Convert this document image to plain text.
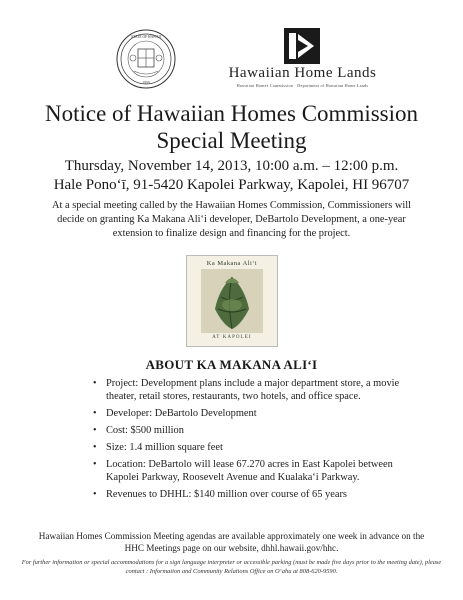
STATE OF HAWAII
1959
Hawaiian Home Lands
Hawaiian Homes Commission · Department of Hawaiian Home Lands
Notice of Hawaiian Homes Commission
Special Meeting
Thursday, November 14, 2013, 10:00 a.m. – 12:00 p.m.
Hale Pono‘ī, 91-5420 Kapolei Parkway, Kapolei, HI 96707
At a special meeting called by the Hawaiian Homes Commission, Commissioners will decide on granting Ka Makana Ali‘i developer, DeBartolo Development, a one-year extension to finalize design and financing for the project.
Ka Makana Ali‘i
AT KAPOLEI
ABOUT KA MAKANA ALI‘I
• Project: Development plans include a major department store, a movie theater, retail stores, restaurants, two hotels, and office space.
• Developer: DeBartolo Development
• Cost: $500 million
• Size: 1.4 million square feet
• Location: DeBartolo will lease 67.270 acres in East Kapolei between Kapolei Parkway, Roosevelt Avenue and Kualaka‘i Parkway.
• Revenues to DHHL: $140 million over course of 65 years
Hawaiian Homes Commission Meeting agendas are available approximately one week in advance on the HHC Meetings page on our website, dhhl.hawaii.gov/hhc.
For further information or special accommodations for a sign language interpreter or accessible parking (must be made five days prior to the meeting date), please contact : Information and Community Relations Office on O‘ahu at 808-620-9590.
